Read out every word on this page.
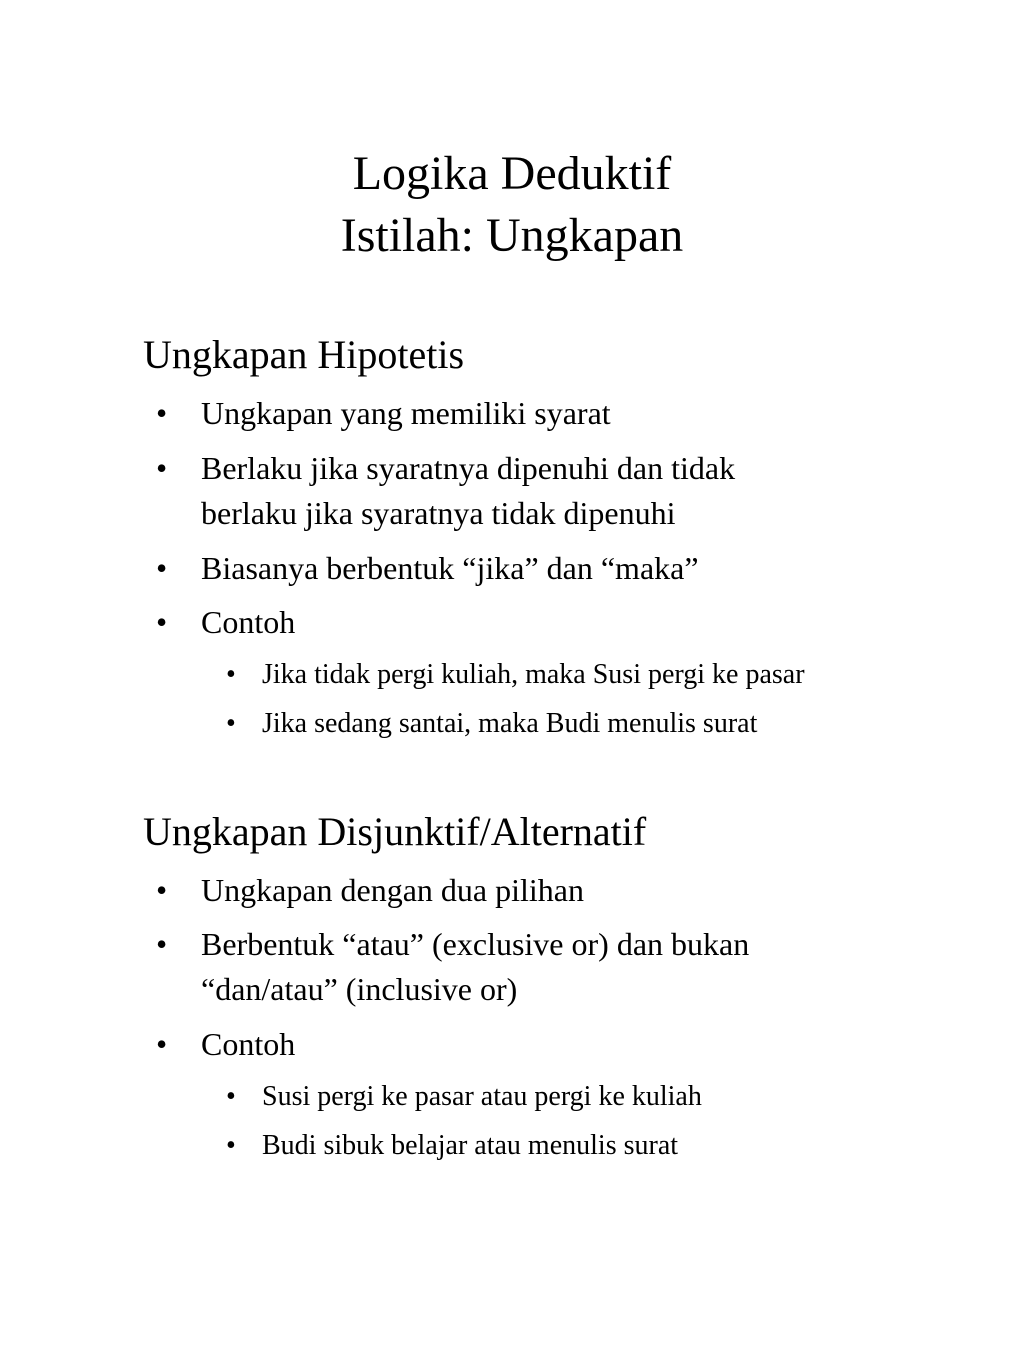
Logika Deduktif
Istilah: Ungkapan
Ungkapan Hipotetis
• Ungkapan yang memiliki syarat
• Berlaku jika syaratnya dipenuhi dan tidak
berlaku jika syaratnya tidak dipenuhi
• Biasanya berbentuk “jika” dan “maka”
• Contoh
• Jika tidak pergi kuliah, maka Susi pergi ke pasar
• Jika sedang santai, maka Budi menulis surat
Ungkapan Disjunktif/Alternatif
• Ungkapan dengan dua pilihan
• Berbentuk “atau” (exclusive or) dan bukan
“dan/atau” (inclusive or)
• Contoh
• Susi pergi ke pasar atau pergi ke kuliah
• Budi sibuk belajar atau menulis surat
